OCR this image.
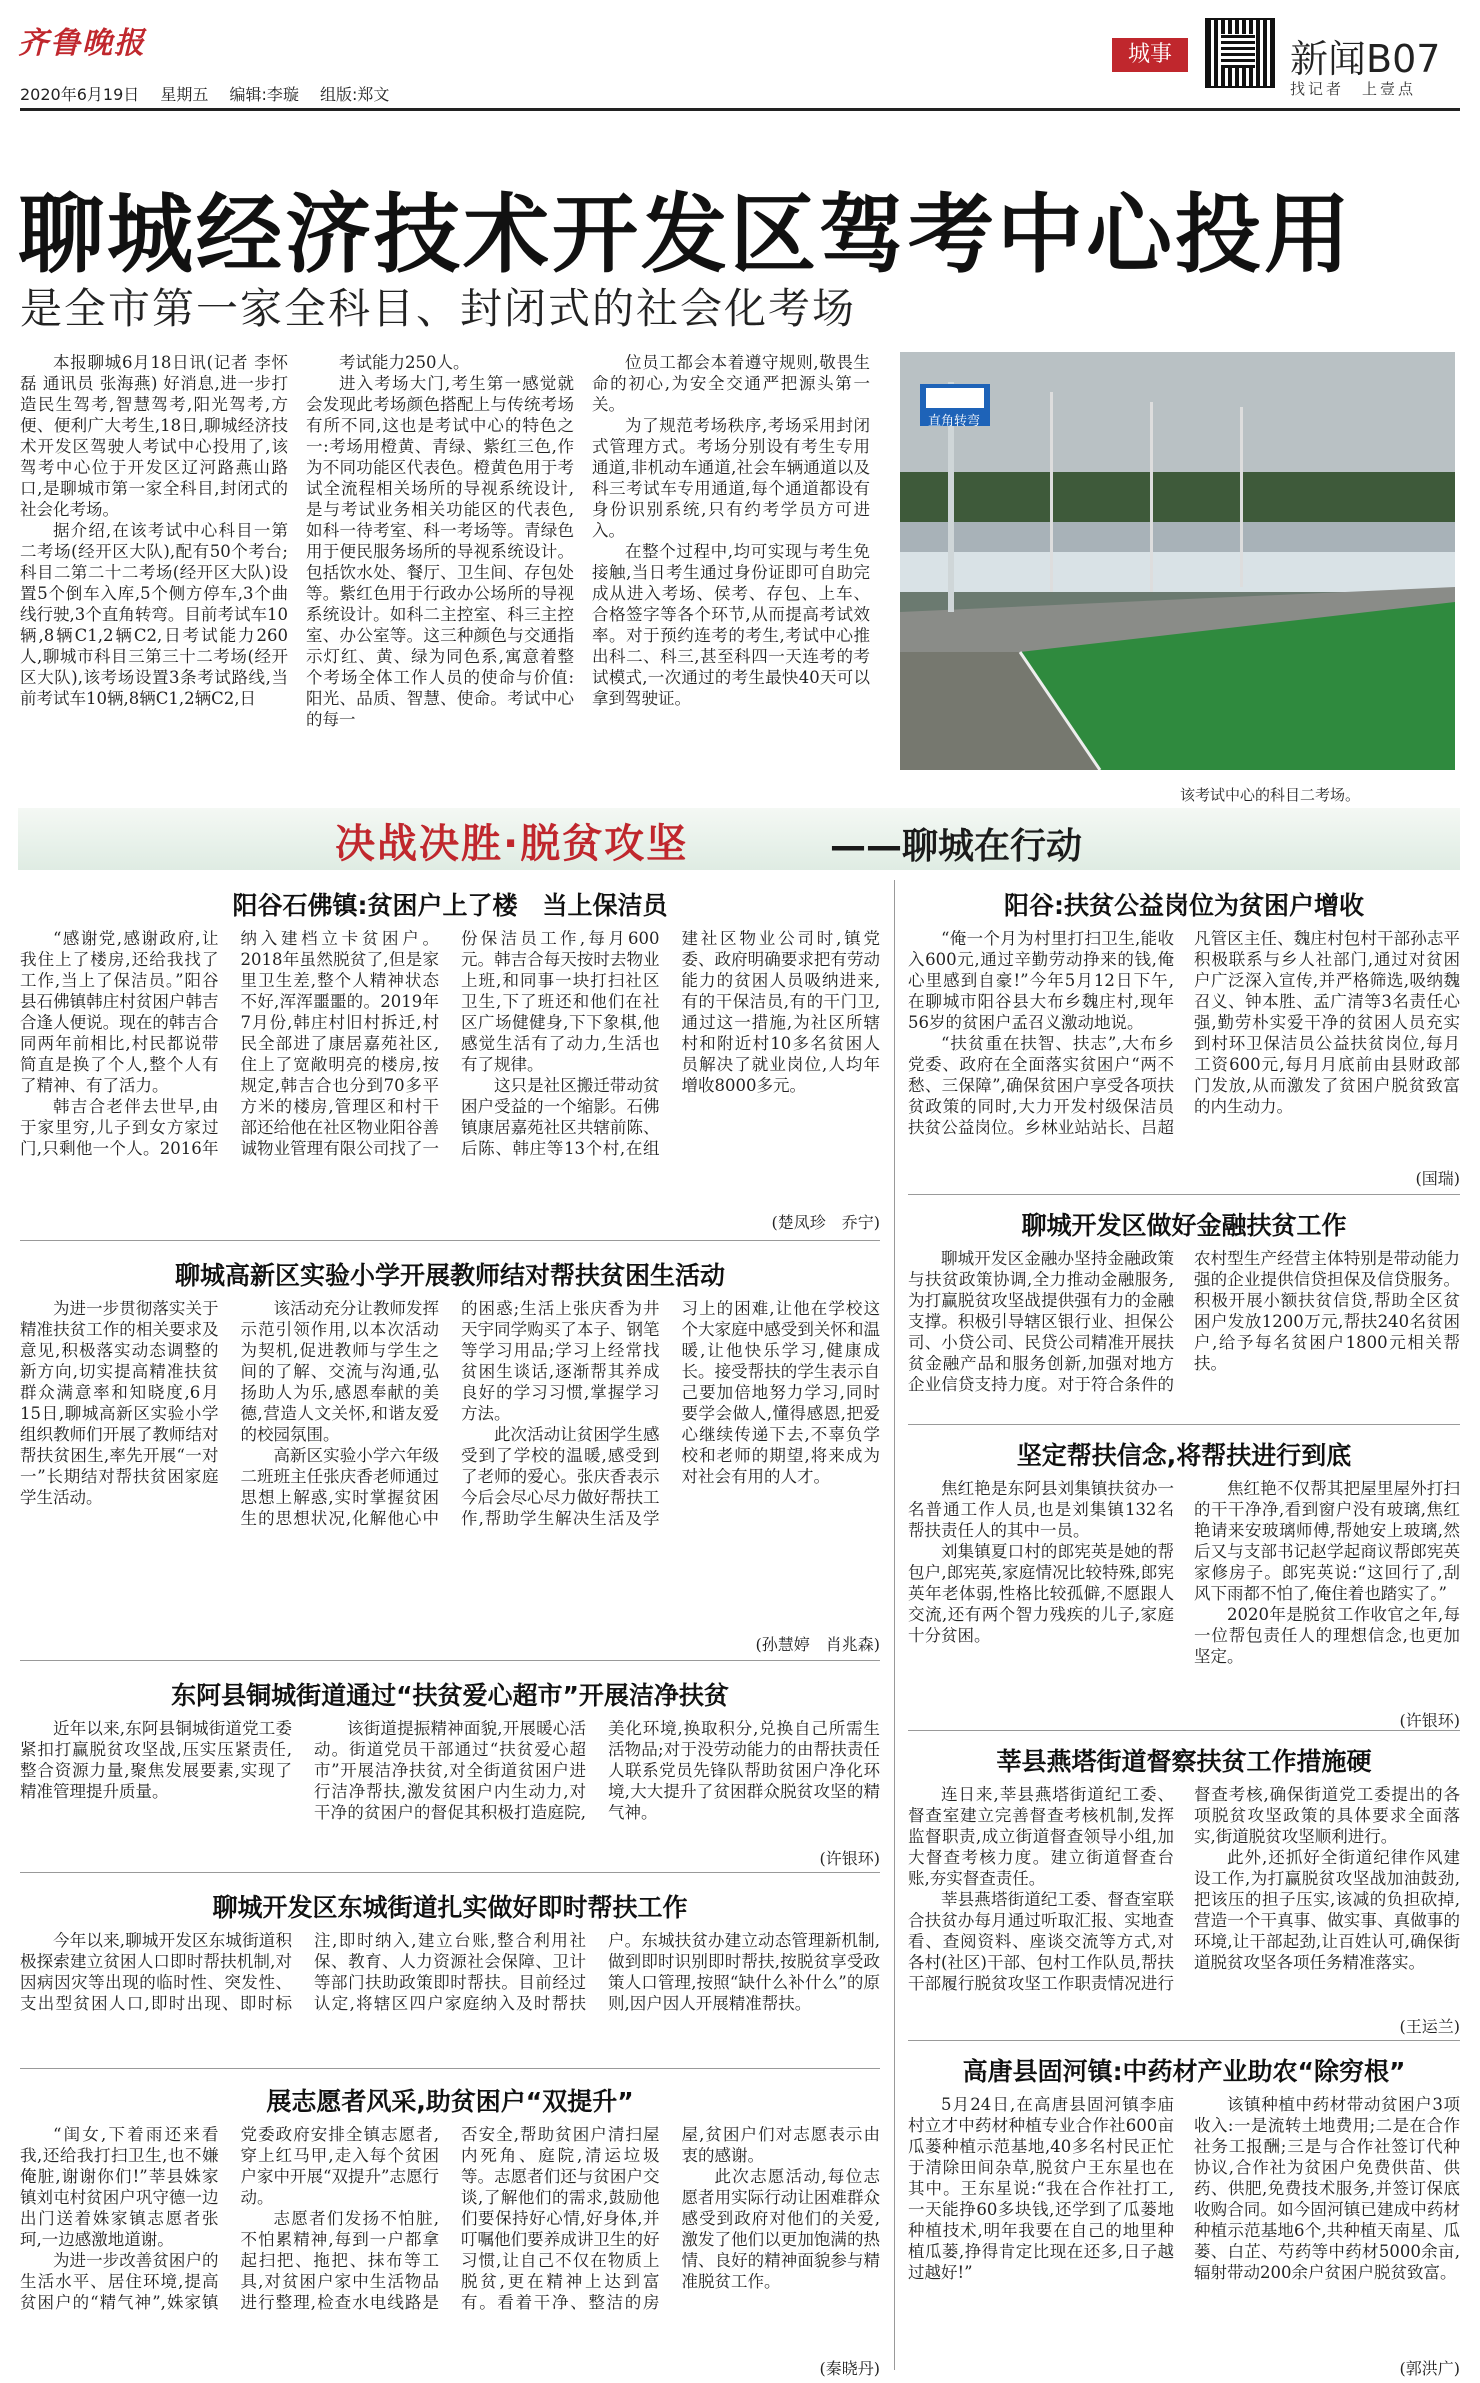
齐鲁晚报
2020年6月19日 星期五 编辑:李璇 组版:郑文
城事	新闻B07
找记者　上壹点
聊城经济技术开发区驾考中心投用
是全市第一家全科目、封闭式的社会化考场

本报聊城6月18日讯(记者 李怀磊 通讯员 张海燕) 好消息,进一步打造民生驾考,智慧驾考,阳光驾考,方便、便利广大考生,18日,聊城经济技术开发区驾驶人考试中心投用了,该驾考中心位于开发区辽河路燕山路口,是聊城市第一家全科目,封闭式的社会化考场。

据介绍,在该考试中心科目一第二考场(经开区大队),配有50个考台;科目二第二十二考场(经开区大队)设置5个倒车入库,5个侧方停车,3个曲线行驶,3个直角转弯。目前考试车10辆,8辆C1,2辆C2,日考试能力260人,聊城市科目三第三十二考场(经开区大队),该考场设置3条考试路线,当前考试车10辆,8辆C1,2辆C2,日

考试能力250人。

进入考场大门,考生第一感觉就会发现此考场颜色搭配上与传统考场有所不同,这也是考试中心的特色之一:考场用橙黄、青绿、紫红三色,作为不同功能区代表色。橙黄色用于考试全流程相关场所的导视系统设计,是与考试业务相关功能区的代表色,如科一待考室、科一考场等。青绿色用于便民服务场所的导视系统设计。包括饮水处、餐厅、卫生间、存包处等。紫红色用于行政办公场所的导视系统设计。如科二主控室、科三主控室、办公室等。这三种颜色与交通指示灯红、黄、绿为同色系,寓意着整个考场全体工作人员的使命与价值:阳光、品质、智慧、使命。考试中心的每一

位员工都会本着遵守规则,敬畏生命的初心,为安全交通严把源头第一关。

为了规范考场秩序,考场采用封闭式管理方式。考场分别设有考生专用通道,非机动车通道,社会车辆通道以及科三考试车专用通道,每个通道都设有身份识别系统,只有约考学员方可进入。

在整个过程中,均可实现与考生免接触,当日考生通过身份证即可自助完成从进入考场、侯考、存包、上车、合格签字等各个环节,从而提高考试效率。对于预约连考的考生,考试中心推出科二、科三,甚至科四一天连考的考试模式,一次通过的考生最快40天可以拿到驾驶证。

直角转弯
该考试中心的科目二考场。
决战决胜·脱贫攻坚	——聊城在行动
阳谷石佛镇:贫困户上了楼　当上保洁员

“感谢党,感谢政府,让我住上了楼房,还给我找了工作,当上了保洁员。”阳谷县石佛镇韩庄村贫困户韩吉合逢人便说。现在的韩吉合同两年前相比,村民都说带简直是换了个人,整个人有了精神、有了活力。

韩吉合老伴去世早,由于家里穷,儿子到女方家过门,只剩他一个人。2016年纳入建档立卡贫困户。2018年虽然脱贫了,但是家里卫生差,整个人精神状态不好,浑浑噩噩的。2019年7月份,韩庄村旧村拆迁,村民全部进了康居嘉苑社区,住上了宽敞明亮的楼房,按规定,韩吉合也分到70多平方米的楼房,管理区和村干部还给他在社区物业阳谷善诚物业管理有限公司找了一份保洁员工作,每月600元。韩吉合每天按时去物业上班,和同事一块打扫社区卫生,下了班还和他们在社区广场健健身,下下象棋,他感觉生活有了动力,生活也有了规律。

这只是社区搬迁带动贫困户受益的一个缩影。石佛镇康居嘉苑社区共辖前陈、后陈、韩庄等13个村,在组建社区物业公司时,镇党委、政府明确要求把有劳动能力的贫困人员吸纳进来,有的干保洁员,有的干门卫,通过这一措施,为社区所辖村和附近村10多名贫困人员解决了就业岗位,人均年增收8000多元。

(楚凤珍　乔宁)
聊城高新区实验小学开展教师结对帮扶贫困生活动

为进一步贯彻落实关于精准扶贫工作的相关要求及意见,积极落实动态调整的新方向,切实提高精准扶贫群众满意率和知晓度,6月15日,聊城高新区实验小学组织教师们开展了教师结对帮扶贫困生,率先开展“一对一”长期结对帮扶贫困家庭学生活动。

该活动充分让教师发挥示范引领作用,以本次活动为契机,促进教师与学生之间的了解、交流与沟通,弘扬助人为乐,感恩奉献的美德,营造人文关怀,和谐友爱的校园氛围。

高新区实验小学六年级二班班主任张庆香老师通过思想上解惑,实时掌握贫困生的思想状况,化解他心中的困惑;生活上张庆香为井天宇同学购买了本子、钢笔等学习用品;学习上经常找贫困生谈话,逐渐帮其养成良好的学习习惯,掌握学习方法。

此次活动让贫困学生感受到了学校的温暖,感受到了老师的爱心。张庆香表示今后会尽心尽力做好帮扶工作,帮助学生解决生活及学习上的困难,让他在学校这个大家庭中感受到关怀和温暖,让他快乐学习,健康成长。接受帮扶的学生表示自己要加倍地努力学习,同时要学会做人,懂得感恩,把爱心继续传递下去,不辜负学校和老师的期望,将来成为对社会有用的人才。

(孙慧婷　肖兆森)
东阿县铜城街道通过“扶贫爱心超市”开展洁净扶贫

近年以来,东阿县铜城街道党工委紧扣打赢脱贫攻坚战,压实压紧责任,整合资源力量,聚焦发展要素,实现了精准管理提升质量。

该街道提振精神面貌,开展暖心活动。街道党员干部通过“扶贫爱心超市”开展洁净扶贫,对全街道贫困户进行洁净帮扶,激发贫困户内生动力,对干净的贫困户的督促其积极打造庭院,美化环境,换取积分,兑换自己所需生活物品;对于没劳动能力的由帮扶责任人联系党员先锋队帮助贫困户净化环境,大大提升了贫困群众脱贫攻坚的精气神。

(许银环)
聊城开发区东城街道扎实做好即时帮扶工作

今年以来,聊城开发区东城街道积极探索建立贫困人口即时帮扶机制,对因病因灾等出现的临时性、突发性、支出型贫困人口,即时出现、即时标注,即时纳入,建立台账,整合利用社保、教育、人力资源社会保障、卫计等部门扶助政策即时帮扶。目前经过认定,将辖区四户家庭纳入及时帮扶户。东城扶贫办建立动态管理新机制,做到即时识别即时帮扶,按脱贫享受政策人口管理,按照“缺什么补什么”的原则,因户因人开展精准帮扶。

展志愿者风采,助贫困户“双提升”

“闺女,下着雨还来看我,还给我打扫卫生,也不嫌俺脏,谢谢你们!”莘县姝家镇刘屯村贫困户巩守德一边出门送着姝家镇志愿者张珂,一边感激地道谢。

为进一步改善贫困户的生活水平、居住环境,提高贫困户的“精气神”,姝家镇党委政府安排全镇志愿者,穿上红马甲,走入每个贫困户家中开展“双提升”志愿行动。

志愿者们发扬不怕脏,不怕累精神,每到一户都拿起扫把、拖把、抹布等工具,对贫困户家中生活物品进行整理,检查水电线路是否安全,帮助贫困户清扫屋内死角、庭院,清运垃圾等。志愿者们还与贫困户交谈,了解他们的需求,鼓励他们要保持好心情,好身体,并叮嘱他们要养成讲卫生的好习惯,让自己不仅在物质上脱贫,更在精神上达到富有。看着干净、整洁的房屋,贫困户们对志愿表示由衷的感谢。

此次志愿活动,每位志愿者用实际行动让困难群众感受到政府对他们的关爱,激发了他们以更加饱满的热情、良好的精神面貌参与精准脱贫工作。

(秦晓丹)
阳谷:扶贫公益岗位为贫困户增收

“俺一个月为村里打扫卫生,能收入600元,通过辛勤劳动挣来的钱,俺心里感到自豪!”今年5月12日下午,在聊城市阳谷县大布乡魏庄村,现年56岁的贫困户孟召义激动地说。

“扶贫重在扶智、扶志”,大布乡党委、政府在全面落实贫困户“两不愁、三保障”,确保贫困户享受各项扶贫政策的同时,大力开发村级保洁员扶贫公益岗位。乡林业站站长、吕超凡管区主任、魏庄村包村干部孙志平积极联系与乡人社部门,通过对贫困户广泛深入宣传,并严格筛选,吸纳魏召义、钟本胜、孟广清等3名责任心强,勤劳朴实爱干净的贫困人员充实到村环卫保洁员公益扶贫岗位,每月工资600元,每月月底前由县财政部门发放,从而激发了贫困户脱贫致富的内生动力。

(国瑞)
聊城开发区做好金融扶贫工作

聊城开发区金融办坚持金融政策与扶贫政策协调,全力推动金融服务,为打赢脱贫攻坚战提供强有力的金融支撑。积极引导辖区银行业、担保公司、小贷公司、民贷公司精准开展扶贫金融产品和服务创新,加强对地方企业信贷支持力度。对于符合条件的农村型生产经营主体特别是带动能力强的企业提供信贷担保及信贷服务。积极开展小额扶贫信贷,帮助全区贫困户发放1200万元,帮扶240名贫困户,给予每名贫困户1800元相关帮扶。

坚定帮扶信念,将帮扶进行到底

焦红艳是东阿县刘集镇扶贫办一名普通工作人员,也是刘集镇132名帮扶责任人的其中一员。

刘集镇夏口村的郎宪英是她的帮包户,郎宪英,家庭情况比较特殊,郎宪英年老体弱,性格比较孤僻,不愿跟人交流,还有两个智力残疾的儿子,家庭十分贫困。

焦红艳不仅帮其把屋里屋外打扫的干干净净,看到窗户没有玻璃,焦红艳请来安玻璃师傅,帮她安上玻璃,然后又与支部书记赵学起商议帮郎宪英家修房子。郎宪英说:“这回行了,刮风下雨都不怕了,俺住着也踏实了。”

2020年是脱贫工作收官之年,每一位帮包责任人的理想信念,也更加坚定。

(许银环)
莘县燕塔街道督察扶贫工作措施硬

连日来,莘县燕塔街道纪工委、督查室建立完善督查考核机制,发挥监督职责,成立街道督查领导小组,加大督查考核力度。建立街道督查台账,夯实督查责任。

莘县燕塔街道纪工委、督查室联合扶贫办每月通过听取汇报、实地查看、查阅资料、座谈交流等方式,对各村(社区)干部、包村工作队员,帮扶干部履行脱贫攻坚工作职责情况进行督查考核,确保街道党工委提出的各项脱贫攻坚政策的具体要求全面落实,街道脱贫攻坚顺利进行。

此外,还抓好全街道纪律作风建设工作,为打赢脱贫攻坚战加油鼓劲,把该压的担子压实,该减的负担砍掉,营造一个干真事、做实事、真做事的环境,让干部起劲,让百姓认可,确保街道脱贫攻坚各项任务精准落实。

(王运兰)
高唐县固河镇:中药材产业助农“除穷根”

5月24日,在高唐县固河镇李庙村立才中药材种植专业合作社600亩瓜蒌种植示范基地,40多名村民正忙于清除田间杂草,脱贫户王东星也在其中。王东星说:“我在合作社打工,一天能挣60多块钱,还学到了瓜蒌地种植技术,明年我要在自己的地里种植瓜蒌,挣得肯定比现在还多,日子越过越好!”

该镇种植中药材带动贫困户3项收入:一是流转土地费用;二是在合作社务工报酬;三是与合作社签订代种协议,合作社为贫困户免费供苗、供药、供肥,免费技术服务,并签订保底收购合同。如今固河镇已建成中药材种植示范基地6个,共种植天南星、瓜蒌、白芷、芍药等中药材5000余亩,辐射带动200余户贫困户脱贫致富。

(郭洪广)
